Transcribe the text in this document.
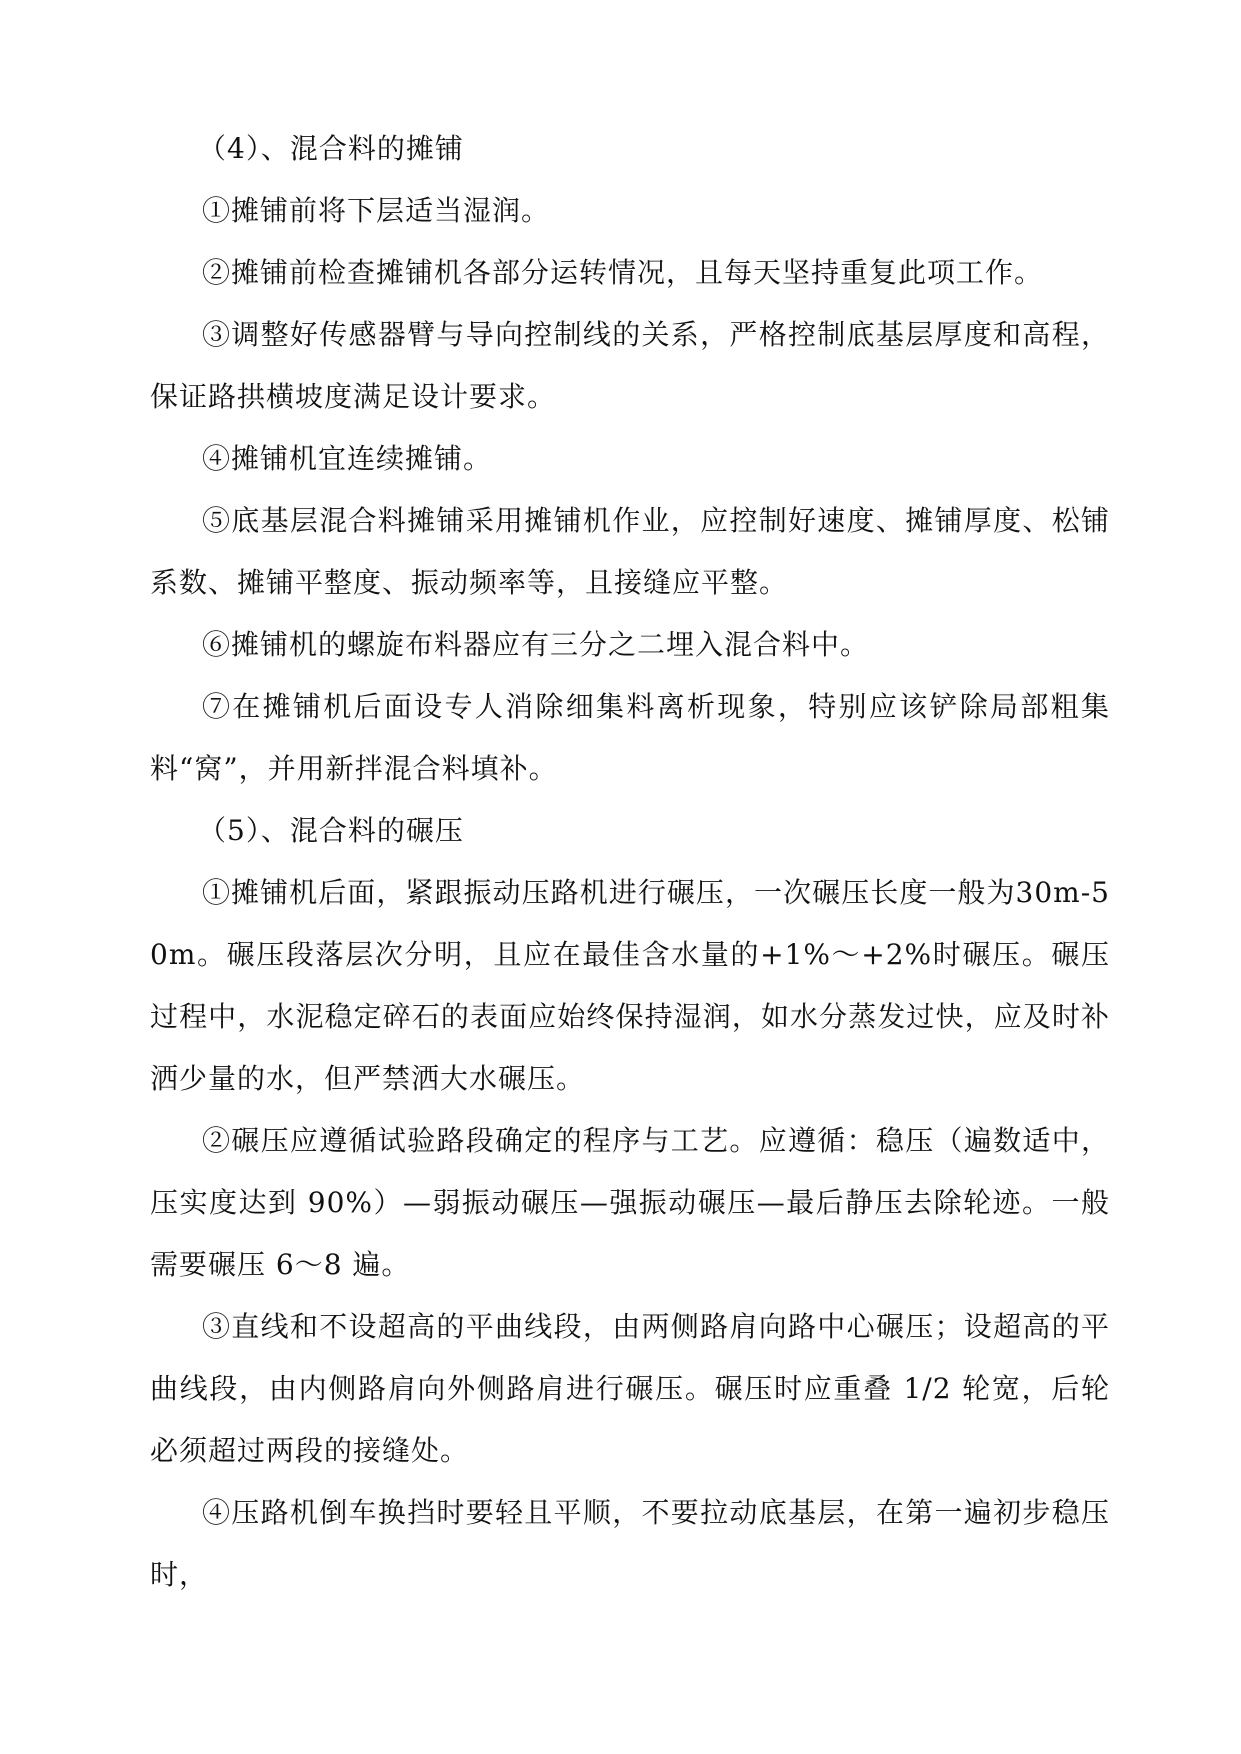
（4）、混合料的摊铺

①摊铺前将下层适当湿润。

②摊铺前检查摊铺机各部分运转情况，且每天坚持重复此项工作。

③调整好传感器臂与导向控制线的关系，严格控制底基层厚度和高程，保证路拱横坡度满足设计要求。

④摊铺机宜连续摊铺。

⑤底基层混合料摊铺采用摊铺机作业，应控制好速度、摊铺厚度、松铺系数、摊铺平整度、振动频率等，且接缝应平整。

⑥摊铺机的螺旋布料器应有三分之二埋入混合料中。

⑦在摊铺机后面设专人消除细集料离析现象，特别应该铲除局部粗集料“窝”，并用新拌混合料填补。

（5）、混合料的碾压

①摊铺机后面，紧跟振动压路机进行碾压，一次碾压长度一般为30m-50m。碾压段落层次分明，且应在最佳含水量的+1%～+2%时碾压。碾压过程中，水泥稳定碎石的表面应始终保持湿润，如水分蒸发过快，应及时补洒少量的水，但严禁洒大水碾压。

②碾压应遵循试验路段确定的程序与工艺。应遵循：稳压（遍数适中，压实度达到 90%）—弱振动碾压—强振动碾压—最后静压去除轮迹。一般需要碾压 6～8 遍。

③直线和不设超高的平曲线段，由两侧路肩向路中心碾压；设超高的平曲线段，由内侧路肩向外侧路肩进行碾压。碾压时应重叠 1/2 轮宽，后轮必须超过两段的接缝处。

④压路机倒车换挡时要轻且平顺，不要拉动底基层，在第一遍初步稳压时，
